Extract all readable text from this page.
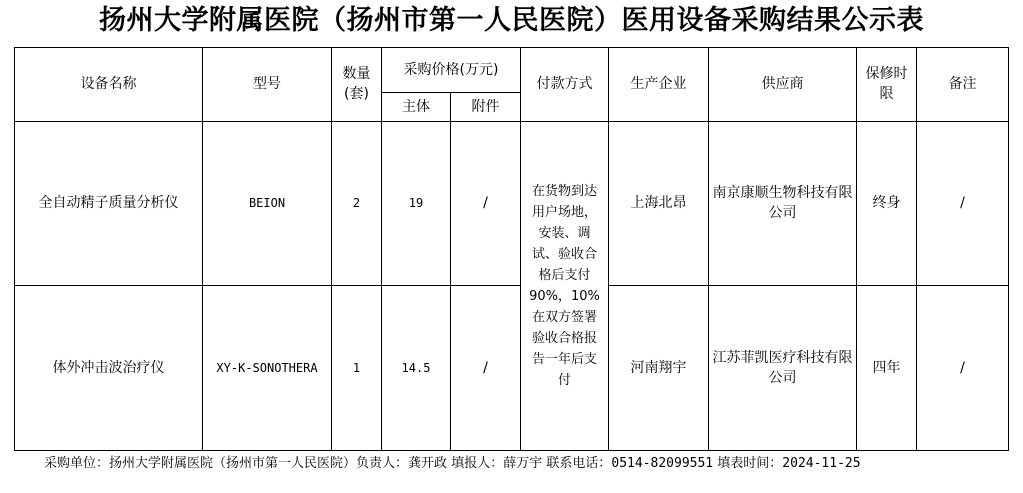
扬州大学附属医院（扬州市第一人民医院）医用设备采购结果公示表
设备名称	型号	数量(套)	采购价格(万元)		付款方式	生产企业	供应商	保修时限	备注
			主体	附件					
全自动精子质量分析仪	BEION	2	19	/	在货物到达用户场地，安装、调试、验收合格后支付90%，10%在双方签署验收合格报告一年后支付	上海北昂	南京康顺生物科技有限公司	终身	/
体外冲击波治疗仪	XY-K-SONOTHERA	1	14.5	/		河南翔宇	江苏菲凯医疗科技有限公司	四年	/
采购单位：扬州大学附属医院（扬州市第一人民医院）负责人：龚开政 填报人：薛万宇 联系电话：0514-82099551 填表时间：2024-11-25
